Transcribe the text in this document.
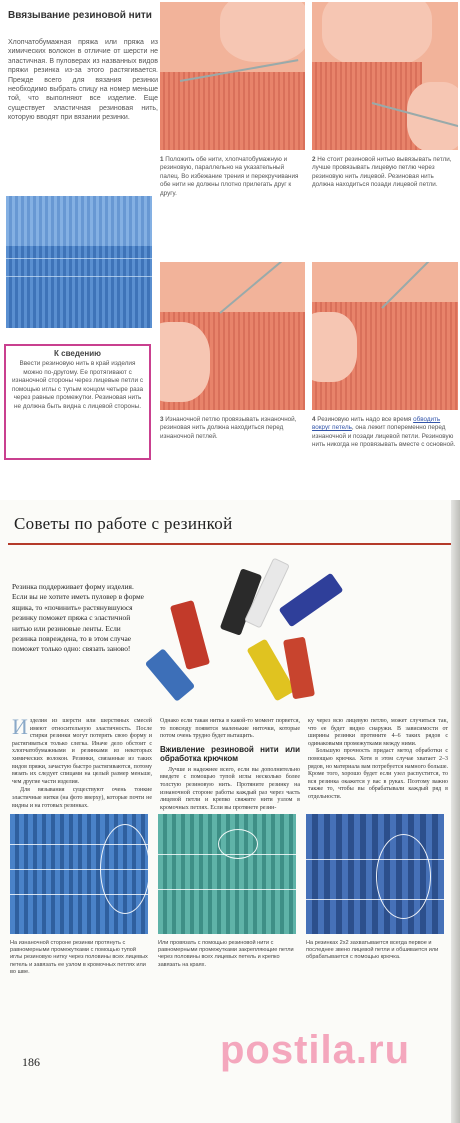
Ввязывание резиновой нити
Хлопчатобумажная пряжа или пряжа из химических волокон в отличие от шерсти не эластичная. В пуловерах из названных видов пряжи резинка из-за этого растягивается. Прежде всего для вязания резинки необходимо выбрать спицу на номер меньше той, что выполняют все изделие. Еще существует эластичная резиновая нить, которую вводят при вязании резинки.
К сведению
Ввести резиновую нить в край изделия можно по-другому. Ее протягивают с изнаночной стороны через лицевые петли с помощью иглы с тупым концом четыре раза через равные промежутки. Резиновая нить не должна быть видна с лицевой стороны.
1 Положить обе нити, хлопчатобумажную и резиновую, параллельно на указательный палец. Во избежание трения и перекручивания обе нити не должны плотно прилегать друг к другу.
2 Не стоит резиновой нитью вывязывать петли, лучше провязывать лицевую петлю через резиновую нить лицевой. Резиновая нить должна находиться позади лицевой петли.
3 Изнаночной петлю провязывать изнаночной, резиновая нить должна находиться перед изнаночной петлей.
4 Резиновую нить надо все время обводить вокруг петель, она лежит попеременно перед изнаночной и позади лицевой петли. Резиновую нить никогда не провязывать вместе с основной.
Советы по работе с резинкой
Резинка поддерживает форму изделия. Если вы не хотите иметь пуловер в форме ящика, то «починить» растянувшуюся резинку поможет пряжа с эластичной нитью или резиновые ленты. Если резинка повреждена, то в этом случае поможет только одно: связать заново!
Изделия из шерсти или шерстяных смесей имеют относительную эластичность. После стирки резинки могут потерять свою форму и растягиваться только слегка. Иначе дело обстоит с хлопчатобумажными и резинками из некоторых химических волокон. Резинки, связанные из таких видов пряжи, зачастую быстро растягиваются, потому вязать их следует спицами на целый размер меньше, чем другие части изделия.
Для вязывания существуют очень тонкие эластичные нитки (на фото вверху), которые почти не видны и на готовых резинках.
Однако если такая нитка в какой-то момент порвется, то повсюду появятся маленькие ниточки, которые потом очень трудно будет вытащить.
Вживление резиновой нити или обработка крючком
Лучше и надежнее всего, если вы дополнительно введете с помощью тупой иглы несколько более толстую резиновую нить. Протяните резинку на изнаночной стороне работы каждый раз через часть лицевой петли и крепко свяжите нити узлом в кромочных петлях. Если вы протянете резин-
ку через всю лицевую петлю, может случиться так, что ее будет видно снаружи. В зависимости от ширины резинки протяните 4–6 таких рядов с одинаковыми промежутками между ними.
Большую прочность придаст метод обработки с помощью крючка. Хотя в этом случае хватает 2–3 рядов, но материала вам потребуется намного больше. Кроме того, хорошо будет если узел распустится, то вся резинка окажется у вас в руках. Поэтому важно также то, чтобы вы обрабатывали каждый ряд в отдельности.
На изнаночной стороне резинки протянуть с равномерными промежутками с помощью тупой иглы резиновую нитку через половины всех лицевых петель и завязать ее узлом в кромочных петлях или во шве.
Или провязать с помощью резиновой нити с равномерными промежутками закрепляющие петли через половины всех лицевых петель и крепко завязать на краях.
На резинках 2х2 захватывается всегда первое и последнее звено лицевой петли и обшивается или обрабатывается с помощью крючка.
186	postila.ru
